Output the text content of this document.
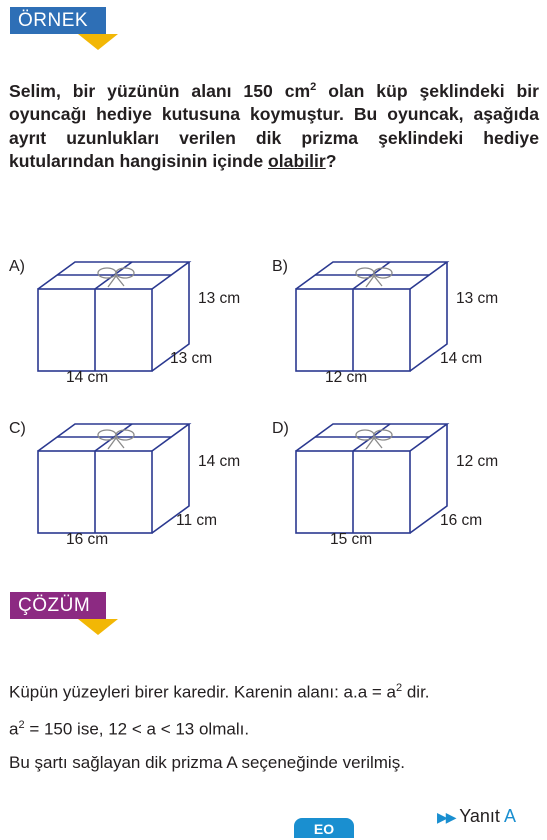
ÖRNEK
Selim, bir yüzünün alanı 150 $cm^2$ olan küp şeklindeki bir oyuncağı hediye kutusuna koymuştur. Bu oyuncak, aşağıda ayrıt uzunlukları verilen dik prizma şeklindeki hediye kutularından hangisinin içinde olabilir?
A)
13 cm
13 cm
14 cm
B)
13 cm
14 cm
12 cm
C)
14 cm
11 cm
16 cm
D)
12 cm
16 cm
15 cm
ÇÖZÜM
Küpün yüzeyleri birer karedir. Karenin alanı: $a.a = a^2$ dir.
$a^2 = 150$ ise, 12 < a < 13 olmalı.
Bu şartı sağlayan dik prizma A seçeneğinde verilmiş.
EO
▶▶ Yanıt A
